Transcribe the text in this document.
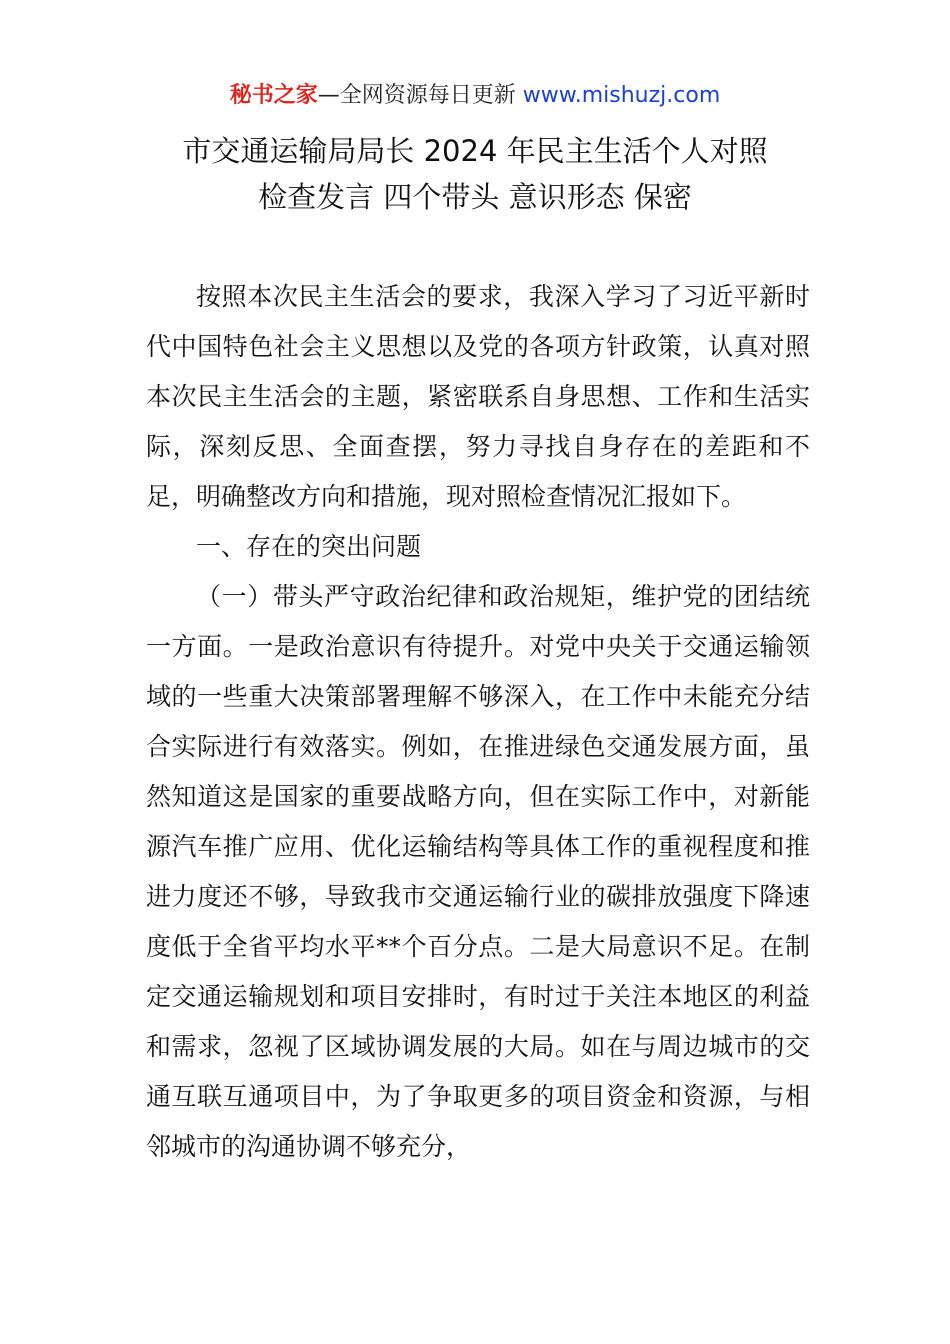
秘书之家—全网资源每日更新 www.mishuzj.com
市交通运输局局长 2024 年民主生活个人对照
检查发言 四个带头 意识形态 保密

按照本次民主生活会的要求，我深入学习了习近平新时代中国特色社会主义思想以及党的各项方针政策，认真对照本次民主生活会的主题，紧密联系自身思想、工作和生活实际，深刻反思、全面查摆，努力寻找自身存在的差距和不足，明确整改方向和措施，现对照检查情况汇报如下。

一、存在的突出问题

（一）带头严守政治纪律和政治规矩，维护党的团结统一方面。一是政治意识有待提升。对党中央关于交通运输领域的一些重大决策部署理解不够深入，在工作中未能充分结合实际进行有效落实。例如，在推进绿色交通发展方面，虽然知道这是国家的重要战略方向，但在实际工作中，对新能源汽车推广应用、优化运输结构等具体工作的重视程度和推进力度还不够，导致我市交通运输行业的碳排放强度下降速度低于全省平均水平**个百分点。二是大局意识不足。在制定交通运输规划和项目安排时，有时过于关注本地区的利益和需求，忽视了区域协调发展的大局。如在与周边城市的交通互联互通项目中，为了争取更多的项目资金和资源，与相邻城市的沟通协调不够充分，
